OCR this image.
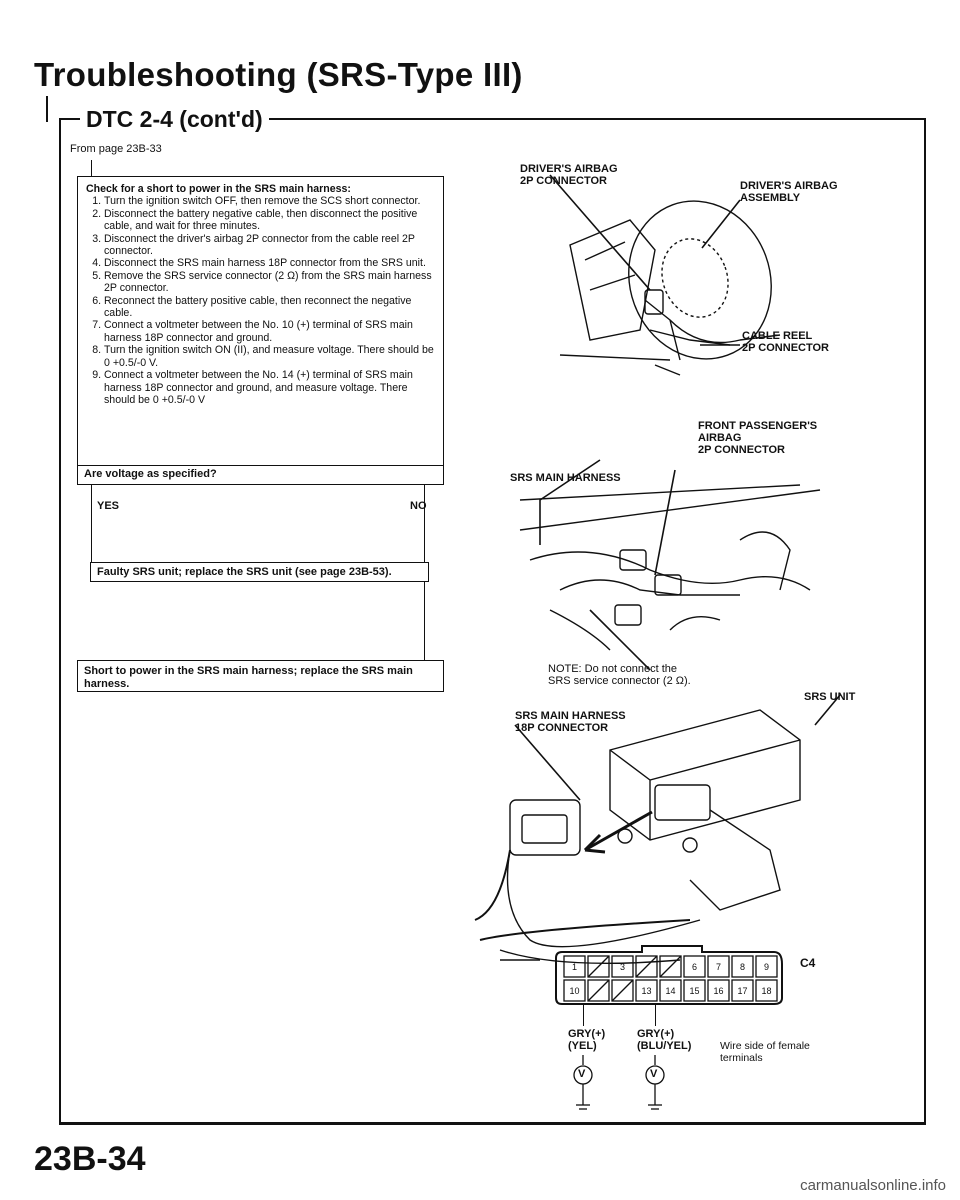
Troubleshooting (SRS-Type III)
DTC 2-4 (cont'd)
From page 23B-33
Check for a short to power in the SRS main harness:
1. Turn the ignition switch OFF, then remove the SCS short connector.
2. Disconnect the battery negative cable, then disconnect the positive cable, and wait for three minutes.
3. Disconnect the driver's airbag 2P connector from the cable reel 2P connector.
4. Disconnect the SRS main harness 18P connector from the SRS unit.
5. Remove the SRS service connector (2 Ω) from the SRS main harness 2P connector.
6. Reconnect the battery positive cable, then reconnect the negative cable.
7. Connect a voltmeter between the No. 10 (+) terminal of SRS main harness 18P connector and ground.
8. Turn the ignition switch ON (II), and measure voltage. There should be 0 +0.5/-0 V.
9. Connect a voltmeter between the No. 14 (+) terminal of SRS main harness 18P connector and ground, and measure voltage. There should be 0 +0.5/-0 V
Are voltage as specified?
YES	NO
Faulty SRS unit; replace the SRS unit (see page 23B-53).
Short to power in the SRS main harness; replace the SRS main harness.
DRIVER'S AIRBAG
2P CONNECTOR	DRIVER'S AIRBAG
ASSEMBLY
CABLE REEL
2P CONNECTOR
FRONT PASSENGER'S
AIRBAG
2P CONNECTOR
SRS MAIN HARNESS
NOTE: Do not connect the
SRS service connector (2 Ω).
SRS UNIT
SRS MAIN HARNESS
18P CONNECTOR
1	3	6 7 8 9
10	13 14 15 16 17 18
C4
GRY(+)
(YEL)
GRY(+)
(BLU/YEL)	Wire side of female
terminals
V	V
23B-34
carmanualsonline.info
